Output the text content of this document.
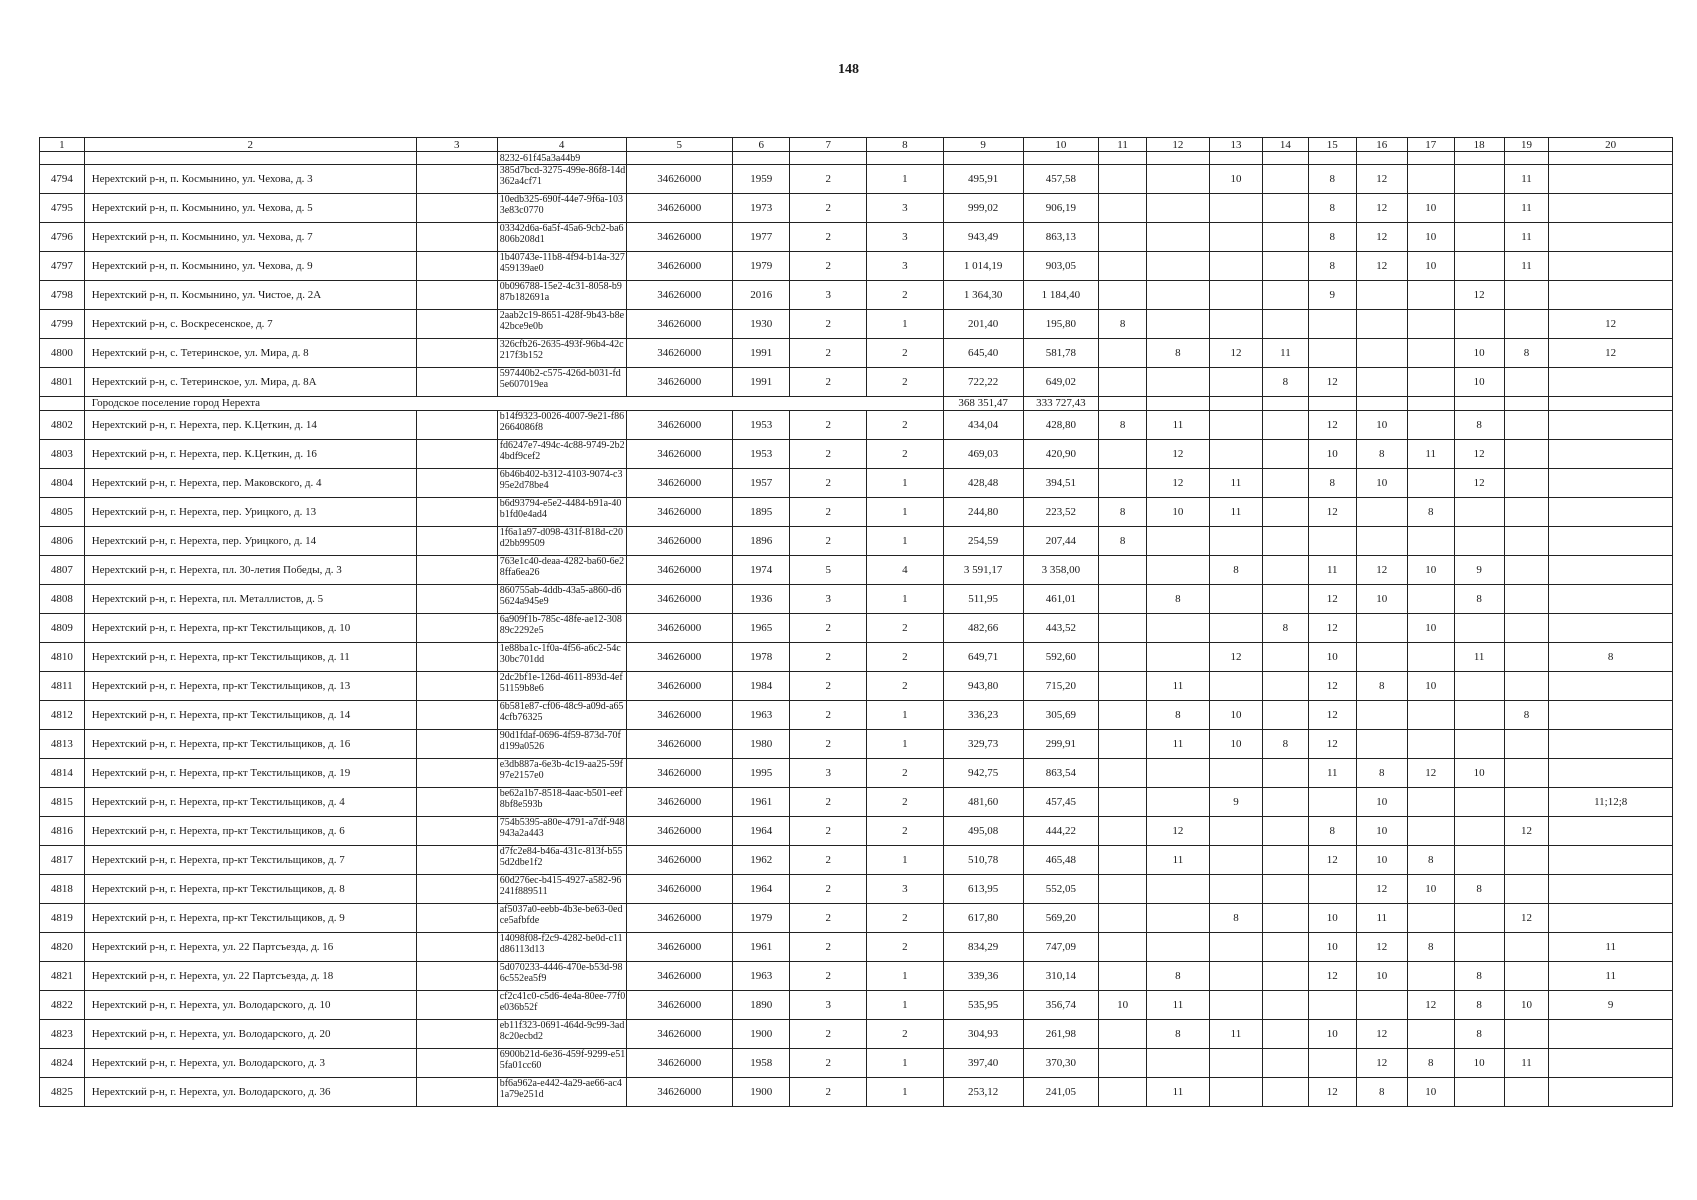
148
1	2	3	4	5	6	7	8	9	10	11	12	13	14	15	16	17	18	19	20
			8232-61f45a3a44b9																
4794	Нерехтский р-н, п. Космынино, ул. Чехова, д. 3		385d7bcd-3275-499e-86f8-14d362a4cf71	34626000	1959	2	1	495,91	457,58			10		8	12			11	
4795	Нерехтский р-н, п. Космынино, ул. Чехова, д. 5		10edb325-690f-44e7-9f6a-1033e83c0770	34626000	1973	2	3	999,02	906,19					8	12	10		11	
4796	Нерехтский р-н, п. Космынино, ул. Чехова, д. 7		03342d6a-6a5f-45a6-9cb2-ba6806b208d1	34626000	1977	2	3	943,49	863,13					8	12	10		11	
4797	Нерехтский р-н, п. Космынино, ул. Чехова, д. 9		1b40743e-11b8-4f94-b14a-327459139ae0	34626000	1979	2	3	1 014,19	903,05					8	12	10		11	
4798	Нерехтский р-н, п. Космынино, ул. Чистое, д. 2А		0b096788-15e2-4c31-8058-b987b182691a	34626000	2016	3	2	1 364,30	1 184,40					9			12		
4799	Нерехтский р-н, с. Воскресенское, д. 7		2aab2c19-8651-428f-9b43-b8e42bce9e0b	34626000	1930	2	1	201,40	195,80	8									12
4800	Нерехтский р-н, с. Тетеринское, ул. Мира, д. 8		326cfb26-2635-493f-96b4-42c217f3b152	34626000	1991	2	2	645,40	581,78		8	12	11				10	8	12
4801	Нерехтский р-н, с. Тетеринское, ул. Мира, д. 8А		597440b2-c575-426d-b031-fd5e607019ea	34626000	1991	2	2	722,22	649,02				8	12			10		
	Городское поселение город Нерехта							368 351,47	333 727,43										
4802	Нерехтский р-н, г. Нерехта, пер. К.Цеткин, д. 14		b14f9323-0026-4007-9e21-f862664086f8	34626000	1953	2	2	434,04	428,80	8	11			12	10		8		
4803	Нерехтский р-н, г. Нерехта, пер. К.Цеткин, д. 16		fd6247e7-494c-4c88-9749-2b24bdf9cef2	34626000	1953	2	2	469,03	420,90		12			10	8	11	12		
4804	Нерехтский р-н, г. Нерехта, пер. Маковского, д. 4		6b46b402-b312-4103-9074-c395e2d78be4	34626000	1957	2	1	428,48	394,51		12	11		8	10		12		
4805	Нерехтский р-н, г. Нерехта, пер. Урицкого, д. 13		b6d93794-e5e2-4484-b91a-40b1fd0e4ad4	34626000	1895	2	1	244,80	223,52	8	10	11		12		8			
4806	Нерехтский р-н, г. Нерехта, пер. Урицкого, д. 14		1f6a1a97-d098-431f-818d-c20d2bb99509	34626000	1896	2	1	254,59	207,44	8									
4807	Нерехтский р-н, г. Нерехта, пл. 30-летия Победы, д. 3		763e1c40-deaa-4282-ba60-6e28ffa6ea26	34626000	1974	5	4	3 591,17	3 358,00			8		11	12	10	9		
4808	Нерехтский р-н, г. Нерехта, пл. Металлистов, д. 5		860755ab-4ddb-43a5-a860-d65624a945e9	34626000	1936	3	1	511,95	461,01		8			12	10		8		
4809	Нерехтский р-н, г. Нерехта, пр-кт Текстильщиков, д. 10		6a909f1b-785c-48fe-ae12-30889c2292e5	34626000	1965	2	2	482,66	443,52				8	12		10			
4810	Нерехтский р-н, г. Нерехта, пр-кт Текстильщиков, д. 11		1e88ba1c-1f0a-4f56-a6c2-54c30bc701dd	34626000	1978	2	2	649,71	592,60			12		10			11		8
4811	Нерехтский р-н, г. Нерехта, пр-кт Текстильщиков, д. 13		2dc2bf1e-126d-4611-893d-4ef51159b8e6	34626000	1984	2	2	943,80	715,20		11			12	8	10			
4812	Нерехтский р-н, г. Нерехта, пр-кт Текстильщиков, д. 14		6b581e87-cf06-48c9-a09d-a654cfb76325	34626000	1963	2	1	336,23	305,69		8	10		12				8	
4813	Нерехтский р-н, г. Нерехта, пр-кт Текстильщиков, д. 16		90d1fdaf-0696-4f59-873d-70fd199a0526	34626000	1980	2	1	329,73	299,91		11	10	8	12					
4814	Нерехтский р-н, г. Нерехта, пр-кт Текстильщиков, д. 19		e3db887a-6e3b-4c19-aa25-59f97e2157e0	34626000	1995	3	2	942,75	863,54					11	8	12	10		
4815	Нерехтский р-н, г. Нерехта, пр-кт Текстильщиков, д. 4		be62a1b7-8518-4aac-b501-eef8bf8e593b	34626000	1961	2	2	481,60	457,45			9			10				11;12;8
4816	Нерехтский р-н, г. Нерехта, пр-кт Текстильщиков, д. 6		754b5395-a80e-4791-a7df-948943a2a443	34626000	1964	2	2	495,08	444,22		12			8	10			12	
4817	Нерехтский р-н, г. Нерехта, пр-кт Текстильщиков, д. 7		d7fc2e84-b46a-431c-813f-b555d2dbe1f2	34626000	1962	2	1	510,78	465,48		11			12	10	8			
4818	Нерехтский р-н, г. Нерехта, пр-кт Текстильщиков, д. 8		60d276ec-b415-4927-a582-96241f889511	34626000	1964	2	3	613,95	552,05						12	10	8		
4819	Нерехтский р-н, г. Нерехта, пр-кт Текстильщиков, д. 9		af5037a0-eebb-4b3e-be63-0edce5afbfde	34626000	1979	2	2	617,80	569,20			8		10	11			12	
4820	Нерехтский р-н, г. Нерехта, ул. 22 Партсъезда, д. 16		14098f08-f2c9-4282-be0d-c11d86113d13	34626000	1961	2	2	834,29	747,09					10	12	8			11
4821	Нерехтский р-н, г. Нерехта, ул. 22 Партсъезда, д. 18		5d070233-4446-470e-b53d-986c552ea5f9	34626000	1963	2	1	339,36	310,14		8			12	10		8		11
4822	Нерехтский р-н, г. Нерехта, ул. Володарского, д. 10		cf2c41c0-c5d6-4e4a-80ee-77f0e036b52f	34626000	1890	3	1	535,95	356,74	10	11					12	8	10	9
4823	Нерехтский р-н, г. Нерехта, ул. Володарского, д. 20		eb11f323-0691-464d-9c99-3ad8c20ecbd2	34626000	1900	2	2	304,93	261,98		8	11		10	12		8		
4824	Нерехтский р-н, г. Нерехта, ул. Володарского, д. 3		6900b21d-6e36-459f-9299-e515fa01cc60	34626000	1958	2	1	397,40	370,30						12	8	10	11	
4825	Нерехтский р-н, г. Нерехта, ул. Володарского, д. 36		bf6a962a-e442-4a29-ae66-ac41a79e251d	34626000	1900	2	1	253,12	241,05		11			12	8	10			
